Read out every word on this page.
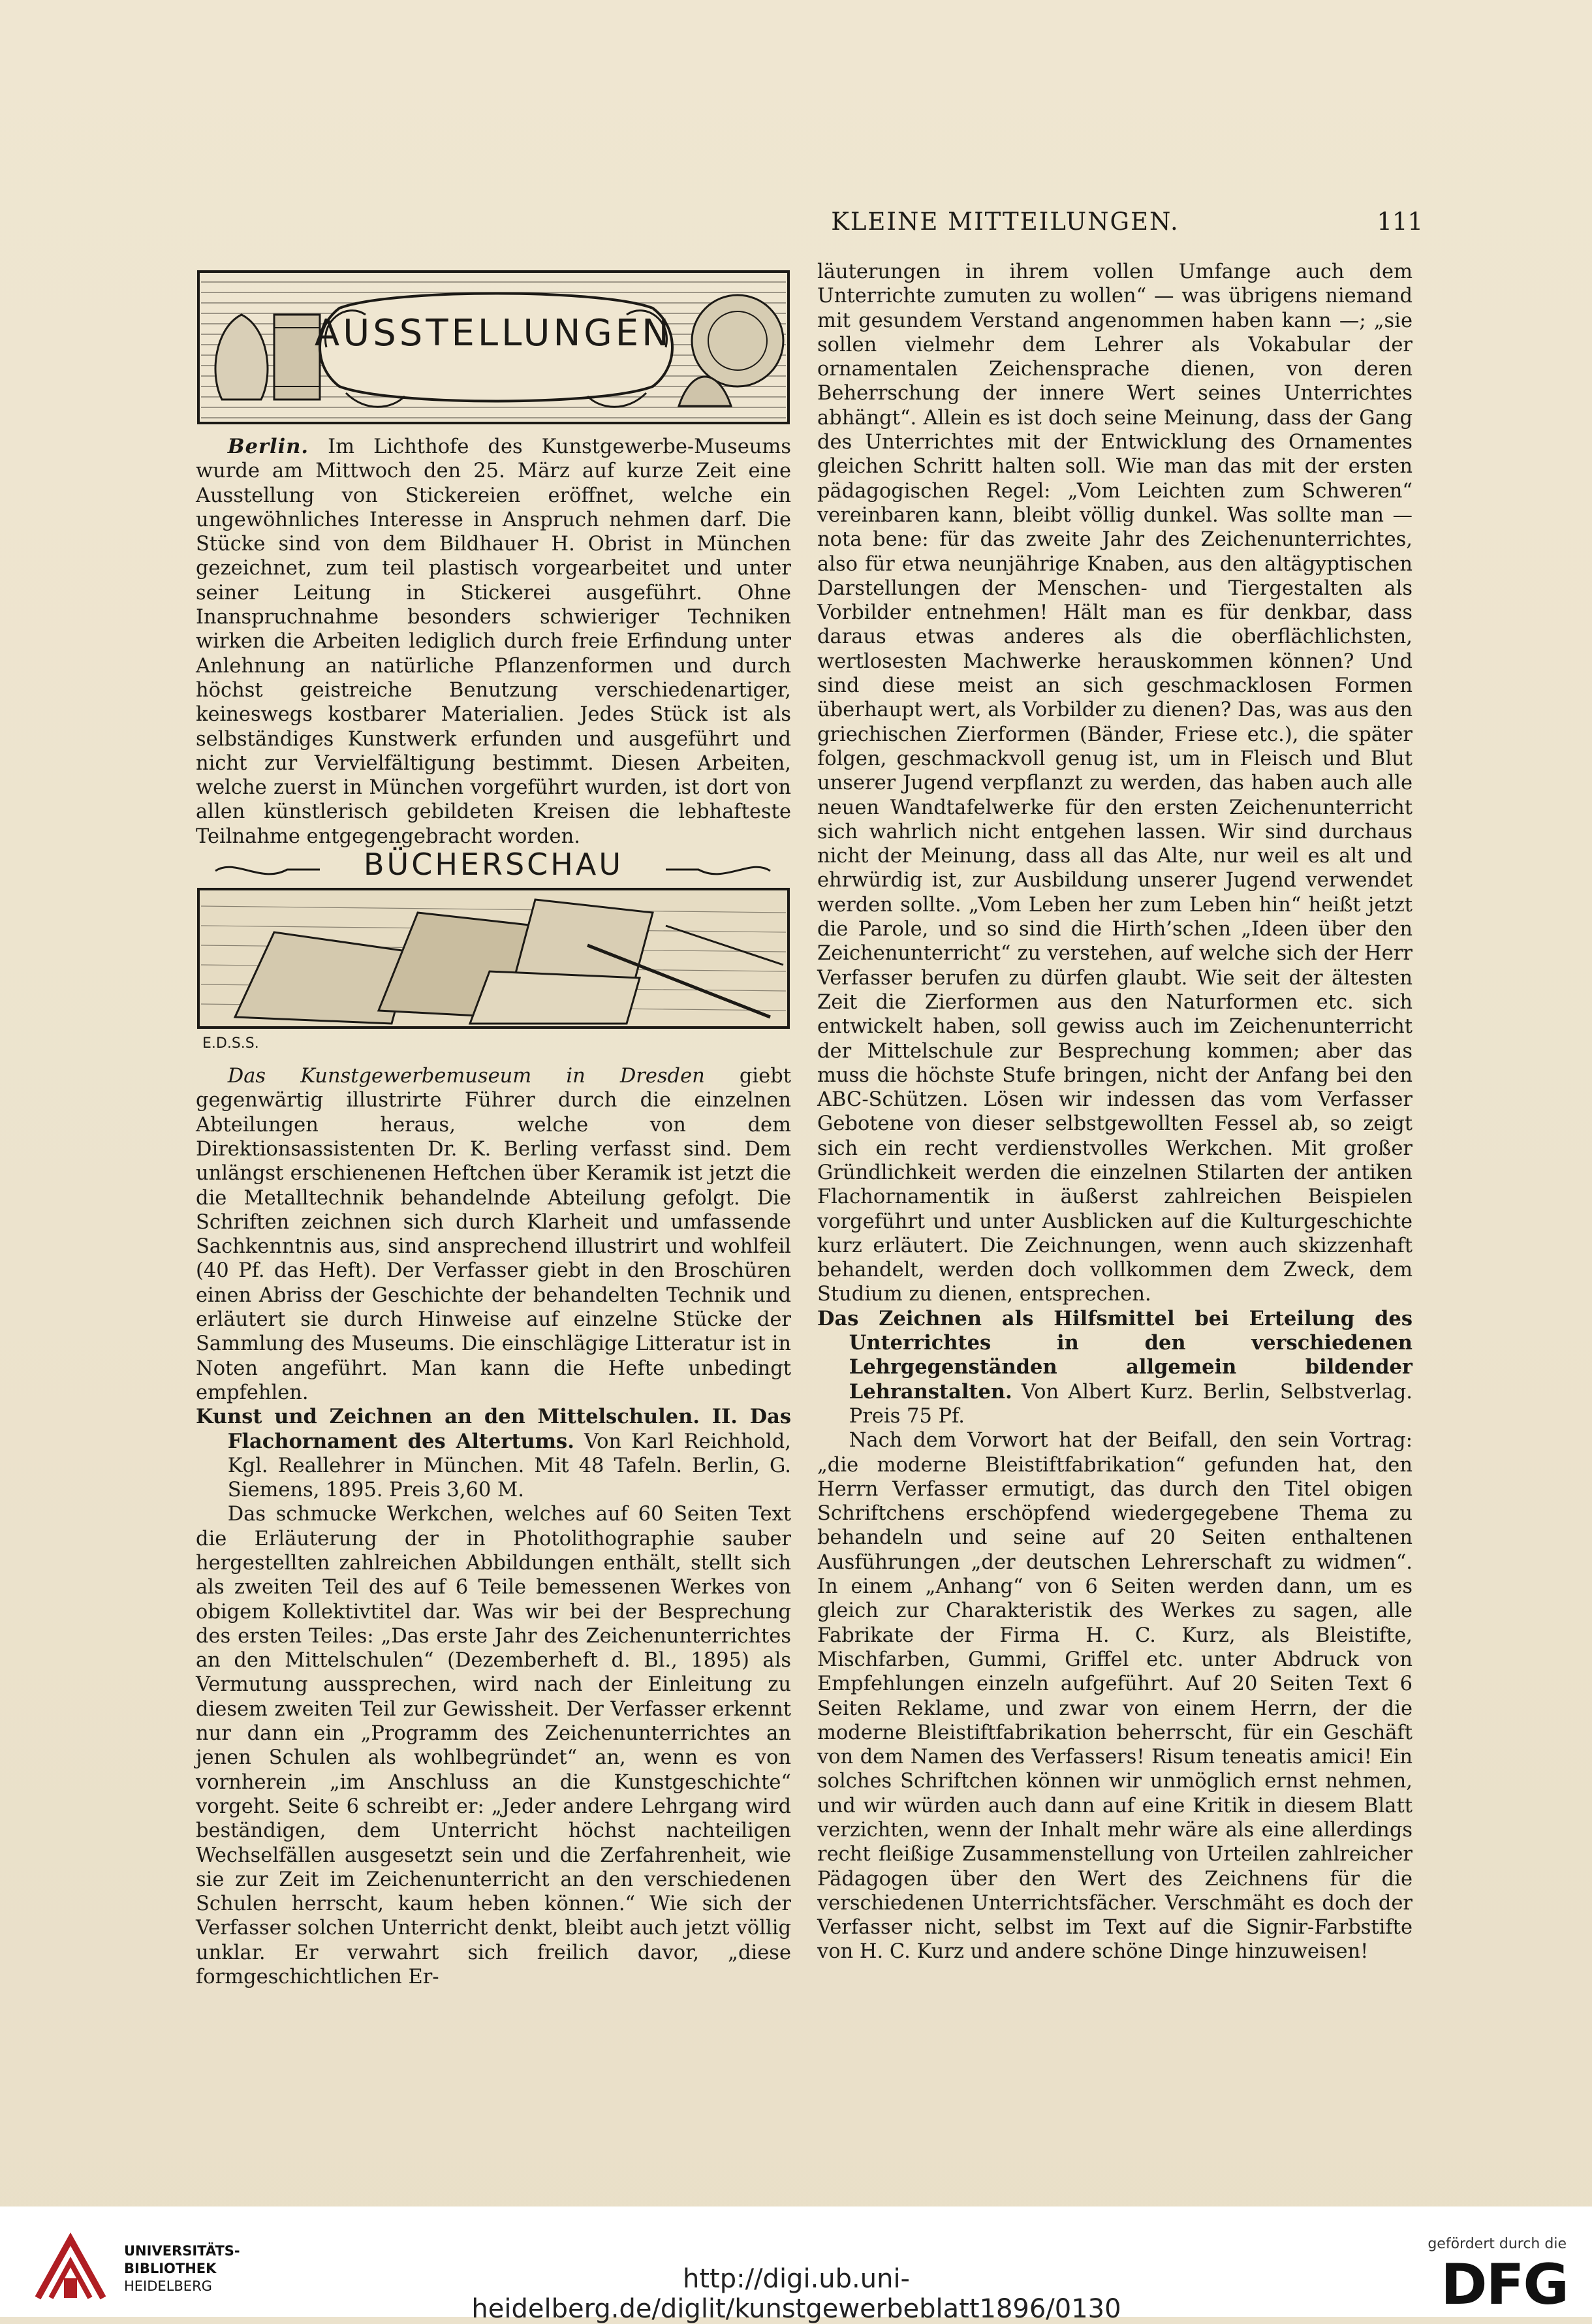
KLEINE MITTEILUNGEN.	111
AUSSTELLUNGEN

Berlin. Im Lichthofe des Kunstgewerbe-Museums wurde am Mittwoch den 25. März auf kurze Zeit eine Ausstellung von Stickereien eröffnet, welche ein ungewöhnliches Interesse in Anspruch nehmen darf. Die Stücke sind von dem Bildhauer H. Obrist in München gezeichnet, zum teil plastisch vorgearbeitet und unter seiner Leitung in Stickerei ausgeführt. Ohne Inanspruchnahme besonders schwieriger Techniken wirken die Arbeiten lediglich durch freie Erfindung unter Anlehnung an natürliche Pflanzenformen und durch höchst geistreiche Benutzung verschiedenartiger, keineswegs kostbarer Materialien. Jedes Stück ist als selbständiges Kunstwerk erfunden und ausgeführt und nicht zur Vervielfältigung bestimmt. Diesen Arbeiten, welche zuerst in München vorgeführt wurden, ist dort von allen künstlerisch gebildeten Kreisen die lebhafteste Teilnahme entgegengebracht worden.

BÜCHERSCHAU
E.D.S.S.

Das Kunstgewerbemuseum in Dresden giebt gegenwärtig illustrirte Führer durch die einzelnen Abteilungen heraus, welche von dem Direktionsassistenten Dr. K. Berling verfasst sind. Dem unlängst erschienenen Heftchen über Keramik ist jetzt die die Metalltechnik behandelnde Abteilung gefolgt. Die Schriften zeichnen sich durch Klarheit und umfassende Sachkenntnis aus, sind ansprechend illustrirt und wohlfeil (40 Pf. das Heft). Der Verfasser giebt in den Broschüren einen Abriss der Geschichte der behandelten Technik und erläutert sie durch Hinweise auf einzelne Stücke der Sammlung des Museums. Die einschlägige Litteratur ist in Noten angeführt. Man kann die Hefte unbedingt empfehlen.

Kunst und Zeichnen an den Mittelschulen. II. Das Flachornament des Altertums. Von Karl Reichhold, Kgl. Reallehrer in München. Mit 48 Tafeln. Berlin, G. Siemens, 1895. Preis 3,60 M.

Das schmucke Werkchen, welches auf 60 Seiten Text die Erläuterung der in Photolithographie sauber hergestellten zahlreichen Abbildungen enthält, stellt sich als zweiten Teil des auf 6 Teile bemessenen Werkes von obigem Kollektivtitel dar. Was wir bei der Besprechung des ersten Teiles: „Das erste Jahr des Zeichenunterrichtes an den Mittelschulen“ (Dezemberheft d. Bl., 1895) als Vermutung aussprechen, wird nach der Einleitung zu diesem zweiten Teil zur Gewissheit. Der Verfasser erkennt nur dann ein „Programm des Zeichenunterrichtes an jenen Schulen als wohlbegründet“ an, wenn es von vornherein „im Anschluss an die Kunstgeschichte“ vorgeht. Seite 6 schreibt er: „Jeder andere Lehrgang wird beständigen, dem Unterricht höchst nachteiligen Wechselfällen ausgesetzt sein und die Zerfahrenheit, wie sie zur Zeit im Zeichenunterricht an den verschiedenen Schulen herrscht, kaum heben können.“ Wie sich der Verfasser solchen Unterricht denkt, bleibt auch jetzt völlig unklar. Er verwahrt sich freilich davor, „diese formgeschichtlichen Er-

läuterungen in ihrem vollen Umfange auch dem Unterrichte zumuten zu wollen“ — was übrigens niemand mit gesundem Verstand angenommen haben kann —; „sie sollen vielmehr dem Lehrer als Vokabular der ornamentalen Zeichensprache dienen, von deren Beherrschung der innere Wert seines Unterrichtes abhängt“. Allein es ist doch seine Meinung, dass der Gang des Unterrichtes mit der Entwicklung des Ornamentes gleichen Schritt halten soll. Wie man das mit der ersten pädagogischen Regel: „Vom Leichten zum Schweren“ vereinbaren kann, bleibt völlig dunkel. Was sollte man — nota bene: für das zweite Jahr des Zeichenunterrichtes, also für etwa neunjährige Knaben, aus den altägyptischen Darstellungen der Menschen- und Tiergestalten als Vorbilder entnehmen! Hält man es für denkbar, dass daraus etwas anderes als die oberflächlichsten, wertlosesten Machwerke herauskommen können? Und sind diese meist an sich geschmacklosen Formen überhaupt wert, als Vorbilder zu dienen? Das, was aus den griechischen Zierformen (Bänder, Friese etc.), die später folgen, geschmackvoll genug ist, um in Fleisch und Blut unserer Jugend verpflanzt zu werden, das haben auch alle neuen Wandtafelwerke für den ersten Zeichenunterricht sich wahrlich nicht entgehen lassen. Wir sind durchaus nicht der Meinung, dass all das Alte, nur weil es alt und ehrwürdig ist, zur Ausbildung unserer Jugend verwendet werden sollte. „Vom Leben her zum Leben hin“ heißt jetzt die Parole, und so sind die Hirth’schen „Ideen über den Zeichenunterricht“ zu verstehen, auf welche sich der Herr Verfasser berufen zu dürfen glaubt. Wie seit der ältesten Zeit die Zierformen aus den Naturformen etc. sich entwickelt haben, soll gewiss auch im Zeichenunterricht der Mittelschule zur Besprechung kommen; aber das muss die höchste Stufe bringen, nicht der Anfang bei den ABC-Schützen. Lösen wir indessen das vom Verfasser Gebotene von dieser selbstgewollten Fessel ab, so zeigt sich ein recht verdienstvolles Werkchen. Mit großer Gründlichkeit werden die einzelnen Stilarten der antiken Flachornamentik in äußerst zahlreichen Beispielen vorgeführt und unter Ausblicken auf die Kulturgeschichte kurz erläutert. Die Zeichnungen, wenn auch skizzenhaft behandelt, werden doch vollkommen dem Zweck, dem Studium zu dienen, entsprechen.

Das Zeichnen als Hilfsmittel bei Erteilung des Unterrichtes in den verschiedenen Lehrgegenständen allgemein bildender Lehranstalten. Von Albert Kurz. Berlin, Selbstverlag. Preis 75 Pf.

Nach dem Vorwort hat der Beifall, den sein Vortrag: „die moderne Bleistiftfabrikation“ gefunden hat, den Herrn Verfasser ermutigt, das durch den Titel obigen Schriftchens erschöpfend wiedergegebene Thema zu behandeln und seine auf 20 Seiten enthaltenen Ausführungen „der deutschen Lehrerschaft zu widmen“. In einem „Anhang“ von 6 Seiten werden dann, um es gleich zur Charakteristik des Werkes zu sagen, alle Fabrikate der Firma H. C. Kurz, als Bleistifte, Mischfarben, Gummi, Griffel etc. unter Abdruck von Empfehlungen einzeln aufgeführt. Auf 20 Seiten Text 6 Seiten Reklame, und zwar von einem Herrn, der die moderne Bleistiftfabrikation beherrscht, für ein Geschäft von dem Namen des Verfassers! Risum teneatis amici! Ein solches Schriftchen können wir unmöglich ernst nehmen, und wir würden auch dann auf eine Kritik in diesem Blatt verzichten, wenn der Inhalt mehr wäre als eine allerdings recht fleißige Zusammenstellung von Urteilen zahlreicher Pädagogen über den Wert des Zeichnens für die verschiedenen Unterrichtsfächer. Verschmäht es doch der Verfasser nicht, selbst im Text auf die Signir-Farbstifte von H. C. Kurz und andere schöne Dinge hinzuweisen!

UNIVERSITÄTS-
BIBLIOTHEK
HEIDELBERG	http://digi.ub.uni-heidelberg.de/diglit/kunstgewerbeblatt1896/0130
gefördert durch die
DFG
